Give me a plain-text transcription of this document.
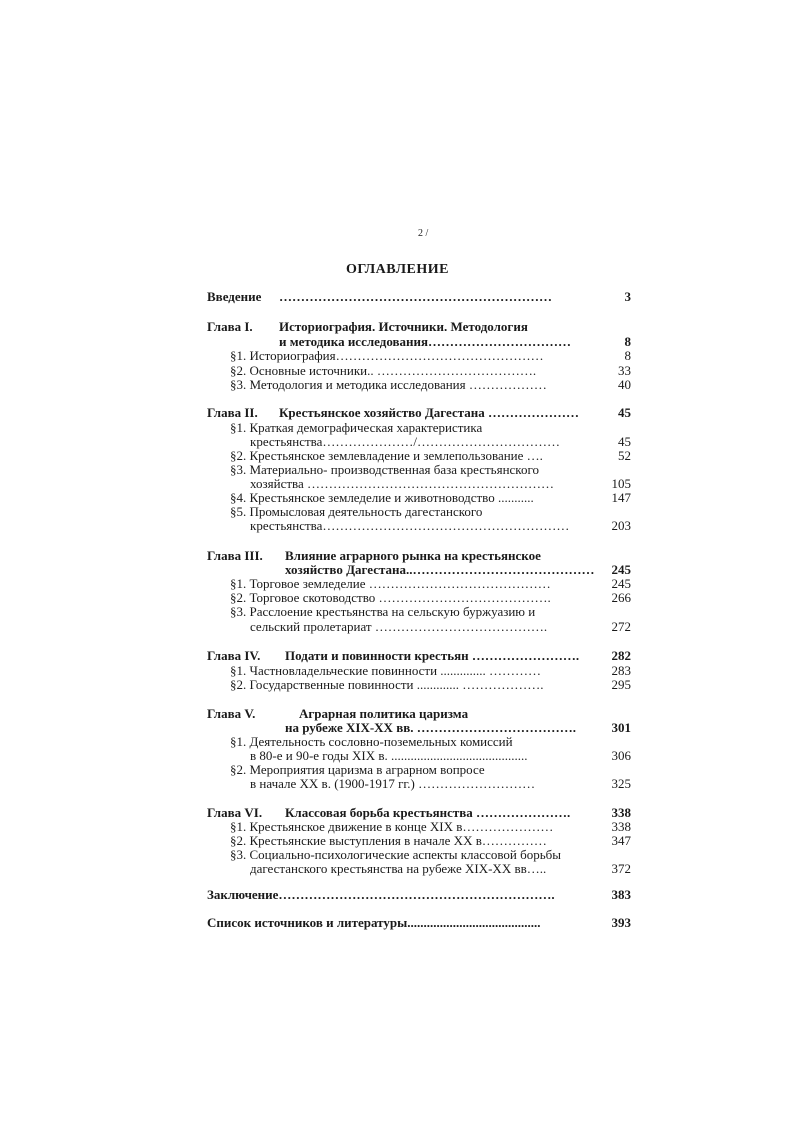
2 /
ОГЛАВЛЕНИЕ
Введение ………………………………………………………	3
Глава I. Историография. Источники. Методология
и методика исследования……………………………	8
§1. Историография…………………………………………	8
§2. Основные источники.. ……………………………….	33
§3. Методология и методика исследования ………………	40
Глава II. Крестьянское хозяйство Дагестана …………………	45
§1. Краткая демографическая характеристика
крестьянства…………………/……………………………	45
§2. Крестьянское землевладение и землепользование ….	52
§3. Материально- производственная база крестьянского
хозяйства …………………………………………………	105
§4. Крестьянское земледелие и животноводство ...........	147
§5. Промысловая деятельность дагестанского
крестьянства…………………………………………………	203
Глава III. Влияние аграрного рынка на крестьянское
хозяйство Дагестана..…………………………………… 245
§1. Торговое земледелие ……………………………………	245
§2. Торговое скотоводство ………………………………….	266
§3. Расслоение крестьянства на сельскую буржуазию и
сельский пролетариат ………………………………….	272
Глава IV. Подати и повинности крестьян ……………………. 282
§1. Частновладельческие повинности .............. …………	283
§2. Государственные повинности ............. ……………….	295
Глава V.	Аграрная политика царизма
на рубеже XIX-XX вв. ……………………………….	301
§1. Деятельность сословно-поземельных комиссий
в 80-е и 90-е годы XIX в. ..........................................	306
§2. Мероприятия царизма в аграрном вопросе
в начале XX в. (1900-1917 гг.) ………………………	325
Глава VI. Классовая борьба крестьянства ………………….	338
§1. Крестьянское движение в конце XIX в…………………	338
§2. Крестьянские выступления в начале XX в……………	347
§3. Социально-психологические аспекты классовой борьбы
дагестанского крестьянства на рубеже XIX-XX вв…..	372
Заключение……………………………………………………….	383
Список источников и литературы.........................................	393
